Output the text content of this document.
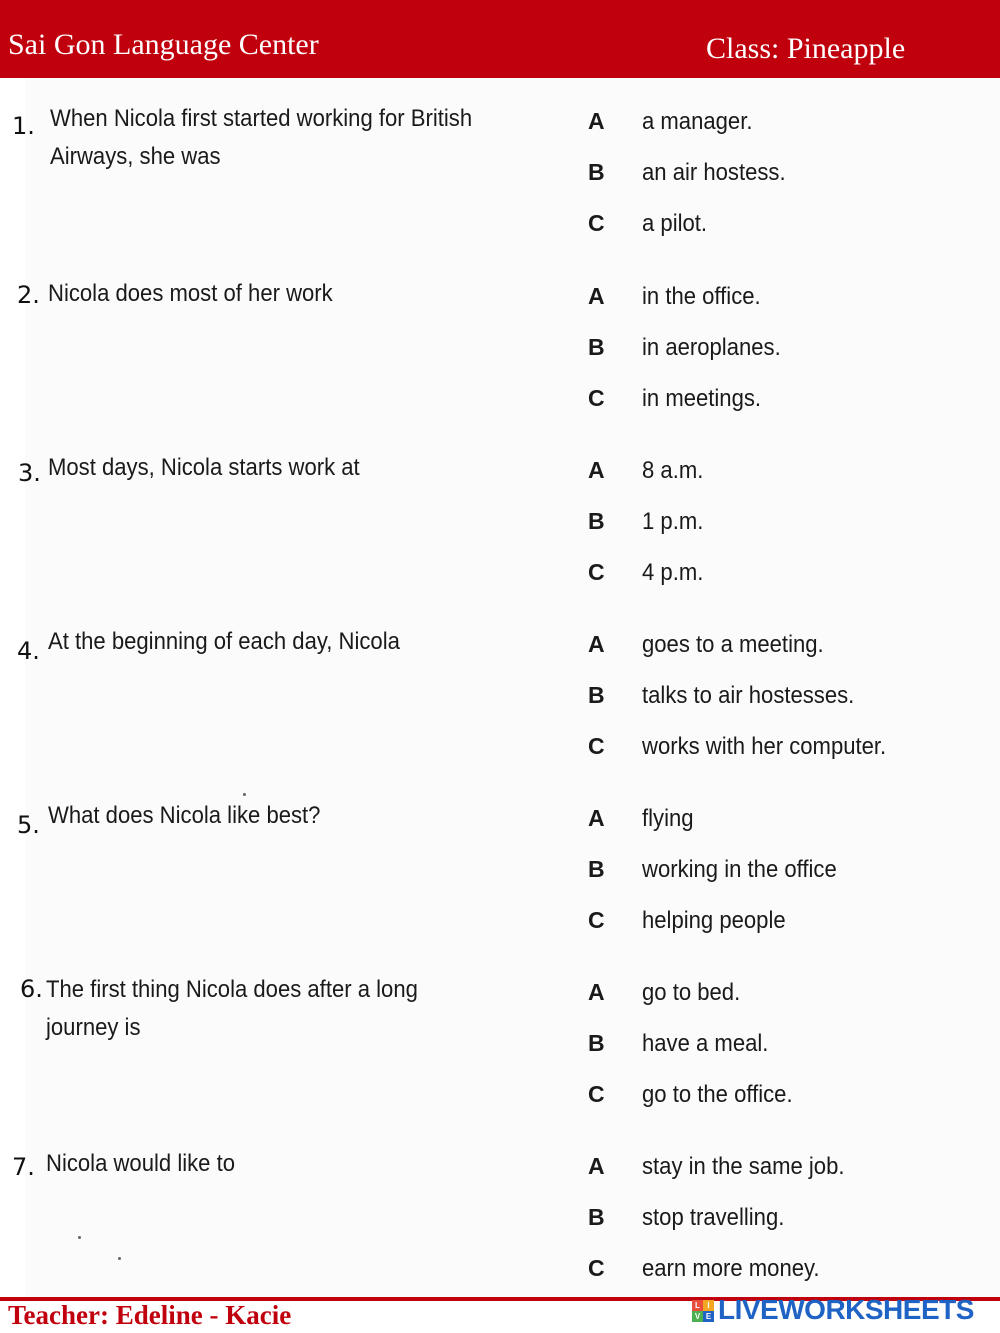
Sai Gon Language Center	Class: Pineapple
1. When Nicola first started working for British Airways, she was
A a manager.
B an air hostess.
C a pilot.
2. Nicola does most of her work	A in the office.
B in aeroplanes.
C in meetings.
3. Most days, Nicola starts work at	A 8 a.m.
B 1 p.m.
C 4 p.m.
4. At the beginning of each day, Nicola	A goes to a meeting.
B talks to air hostesses.
C works with her computer.
5. What does Nicola like best?	A flying
B working in the office
C helping people
6. The first thing Nicola does after a long journey is
A go to bed.
B have a meal.
C go to the office.
7. Nicola would like to	A stay in the same job.
B stop travelling.
C earn more money.
Teacher: Edeline - Kacie	L I
V E LIVEWORKSHEETS
